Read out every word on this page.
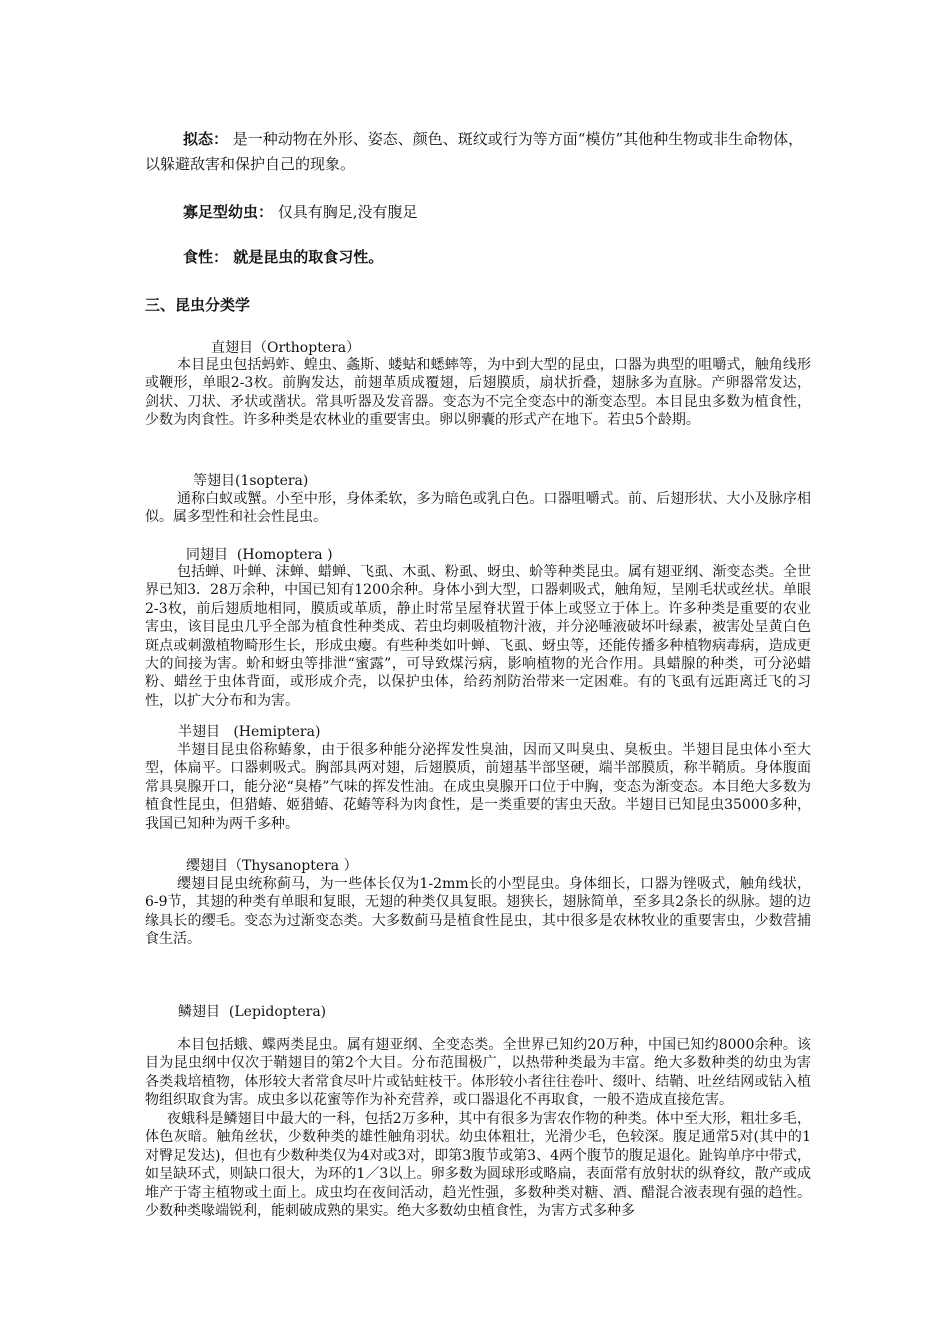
拟态： 是一种动物在外形、姿态、颜色、斑纹或行为等方面“模仿”其他种生物或非生命物体，以躲避敌害和保护自己的现象。
寡足型幼虫： 仅具有胸足,没有腹足
食性： 就是昆虫的取食习性。
三、昆虫分类学
直翅目（Orthoptera）

本目昆虫包括蚂蚱、蝗虫、螽斯、蝼蛄和蟋蟀等，为中到大型的昆虫，口器为典型的咀嚼式，触角线形或鞭形，单眼2-3枚。前胸发达，前翅革质成覆翅，后翅膜质，扇状折叠，翅脉多为直脉。产卵器常发达，剑状、刀状、矛状或凿状。常具听器及发音器。变态为不完全变态中的渐变态型。本目昆虫多数为植食性，少数为肉食性。许多种类是农林业的重要害虫。卵以卵囊的形式产在地下。若虫5个龄期。

等翅目(1soptera)

通称白蚁或蟹。小至中形，身体柔软，多为暗色或乳白色。口器咀嚼式。前、后翅形状、大小及脉序相似。属多型性和社会性昆虫。

同翅目  (Homoptera )

包括蝉、叶蝉、沫蝉、蜡蝉、飞虱、木虱、粉虱、蚜虫、蚧等种类昆虫。属有翅亚纲、渐变态类。全世界已知3．28万余种，中国已知有1200余种。身体小到大型，口器刺吸式，触角短，呈刚毛状或丝状。单眼2-3枚，前后翅质地相同，膜质或革质，静止时常呈屋脊状置于体上或竖立于体上。许多种类是重要的农业害虫，该目昆虫几乎全部为植食性种类成、若虫均刺吸植物汁液，并分泌唾液破坏叶绿素，被害处呈黄白色斑点或刺激植物畸形生长，形成虫瘿。有些种类如叶蝉、飞虱、蚜虫等，还能传播多种植物病毒病，造成更大的间接为害。蚧和蚜虫等排泄“蜜露”，可导致煤污病，影响植物的光合作用。具蜡腺的种类，可分泌蜡粉、蜡丝于虫体背面，或形成介壳，以保护虫体，给药剂防治带来一定困难。有的飞虱有远距离迁飞的习性，以扩大分布和为害。

半翅目   (Hemiptera)

半翅目昆虫俗称蝽象，由于很多种能分泌挥发性臭油，因而又叫臭虫、臭板虫。半翅目昆虫体小至大型，体扁平。口器刺吸式。胸部具两对翅，后翅膜质，前翅基半部坚硬，端半部膜质，称半鞘质。身体腹面常具臭腺开口，能分泌“臭椿”气味的挥发性油。在成虫臭腺开口位于中胸，变态为渐变态。本目绝大多数为植食性昆虫，但猎蝽、姬猎蝽、花蝽等科为肉食性，是一类重要的害虫天敌。半翅目已知昆虫35000多种，我国已知种为两千多种。

缨翅目（Thysanoptera ）

缨翅目昆虫统称蓟马，为一些体长仅为1-2mm长的小型昆虫。身体细长，口器为锉吸式，触角线状，6-9节，其翅的种类有单眼和复眼，无翅的种类仅具复眼。翅狭长，翅脉简单，至多具2条长的纵脉。翅的边缘具长的缨毛。变态为过渐变态类。大多数蓟马是植食性昆虫，其中很多是农林牧业的重要害虫，少数营捕食生活。

鳞翅目  (Lepidoptera)

本目包括蛾、蝶两类昆虫。属有翅亚纲、全变态类。全世界已知约20万种，中国已知约8000余种。该目为昆虫纲中仅次于鞘翅目的第2个大目。分布范围极广，以热带种类最为丰富。绝大多数种类的幼虫为害各类栽培植物，体形较大者常食尽叶片或钻蛀枝干。体形较小者往往卷叶、缀叶、结鞘、吐丝结网或钻入植物组织取食为害。成虫多以花蜜等作为补充营养，或口器退化不再取食，一般不造成直接危害。

夜蛾科是鳞翅目中最大的一科，包括2万多种，其中有很多为害农作物的种类。体中至大形，粗壮多毛，体色灰暗。触角丝状，少数种类的雄性触角羽状。幼虫体粗壮，光滑少毛，色较深。腹足通常5对(其中的1对臀足发达)，但也有少数种类仅为4对或3对，即第3腹节或第3、4两个腹节的腹足退化。趾钩单序中带式，如呈缺环式，则缺口很大，为环的1／3以上。卵多数为圆球形或略扁，表面常有放射状的纵脊纹，散产或成堆产于寄主植物或土面上。成虫均在夜间活动，趋光性强，多数种类对糖、酒、醋混合液表现有强的趋性。少数种类喙端锐利，能刺破成熟的果实。绝大多数幼虫植食性，为害方式多种多
